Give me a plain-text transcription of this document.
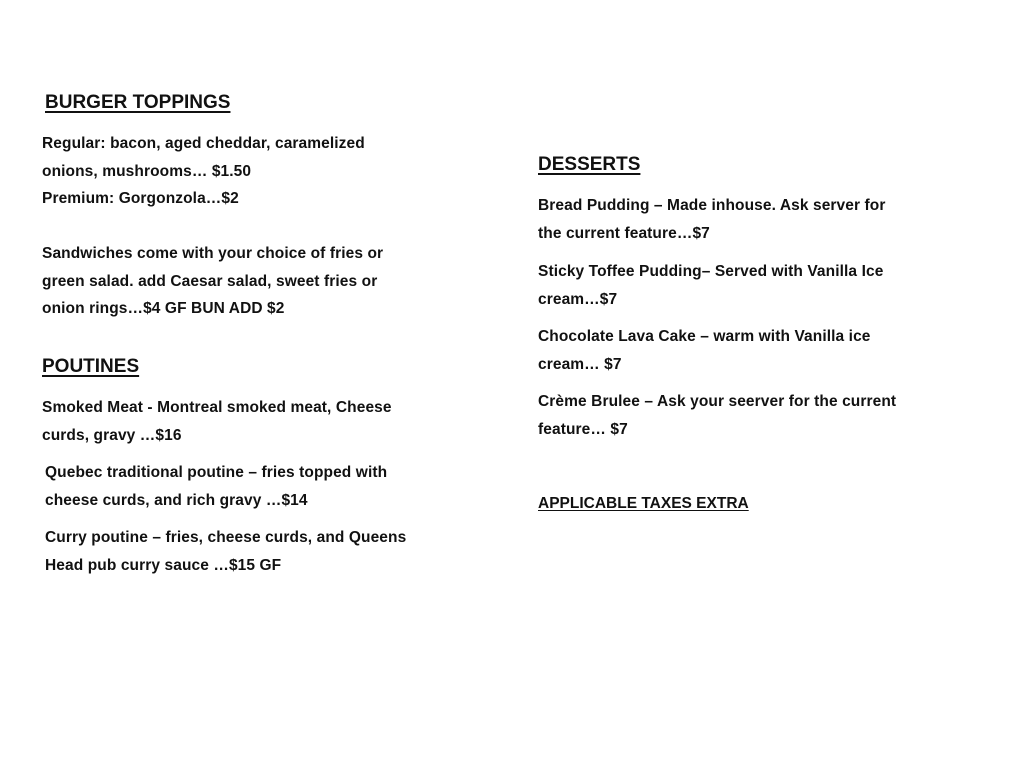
BURGER TOPPINGS
Regular: bacon, aged cheddar, caramelized
onions, mushrooms… $1.50
Premium: Gorgonzola…$2
Sandwiches come with your choice of fries or
green salad. add Caesar salad, sweet fries or
onion rings…$4 GF BUN ADD $2
POUTINES
Smoked Meat - Montreal smoked meat, Cheese
curds, gravy …$16
Quebec traditional poutine – fries topped with
cheese curds, and rich gravy …$14
Curry poutine – fries, cheese curds, and Queens
Head pub curry sauce …$15 GF
DESSERTS
Bread Pudding – Made inhouse. Ask server for
the current feature…$7
Sticky Toffee Pudding– Served with Vanilla Ice
cream…$7
Chocolate Lava Cake – warm with Vanilla ice
cream… $7
Crème Brulee – Ask your seerver for the current
feature… $7

APPLICABLE TAXES EXTRA
